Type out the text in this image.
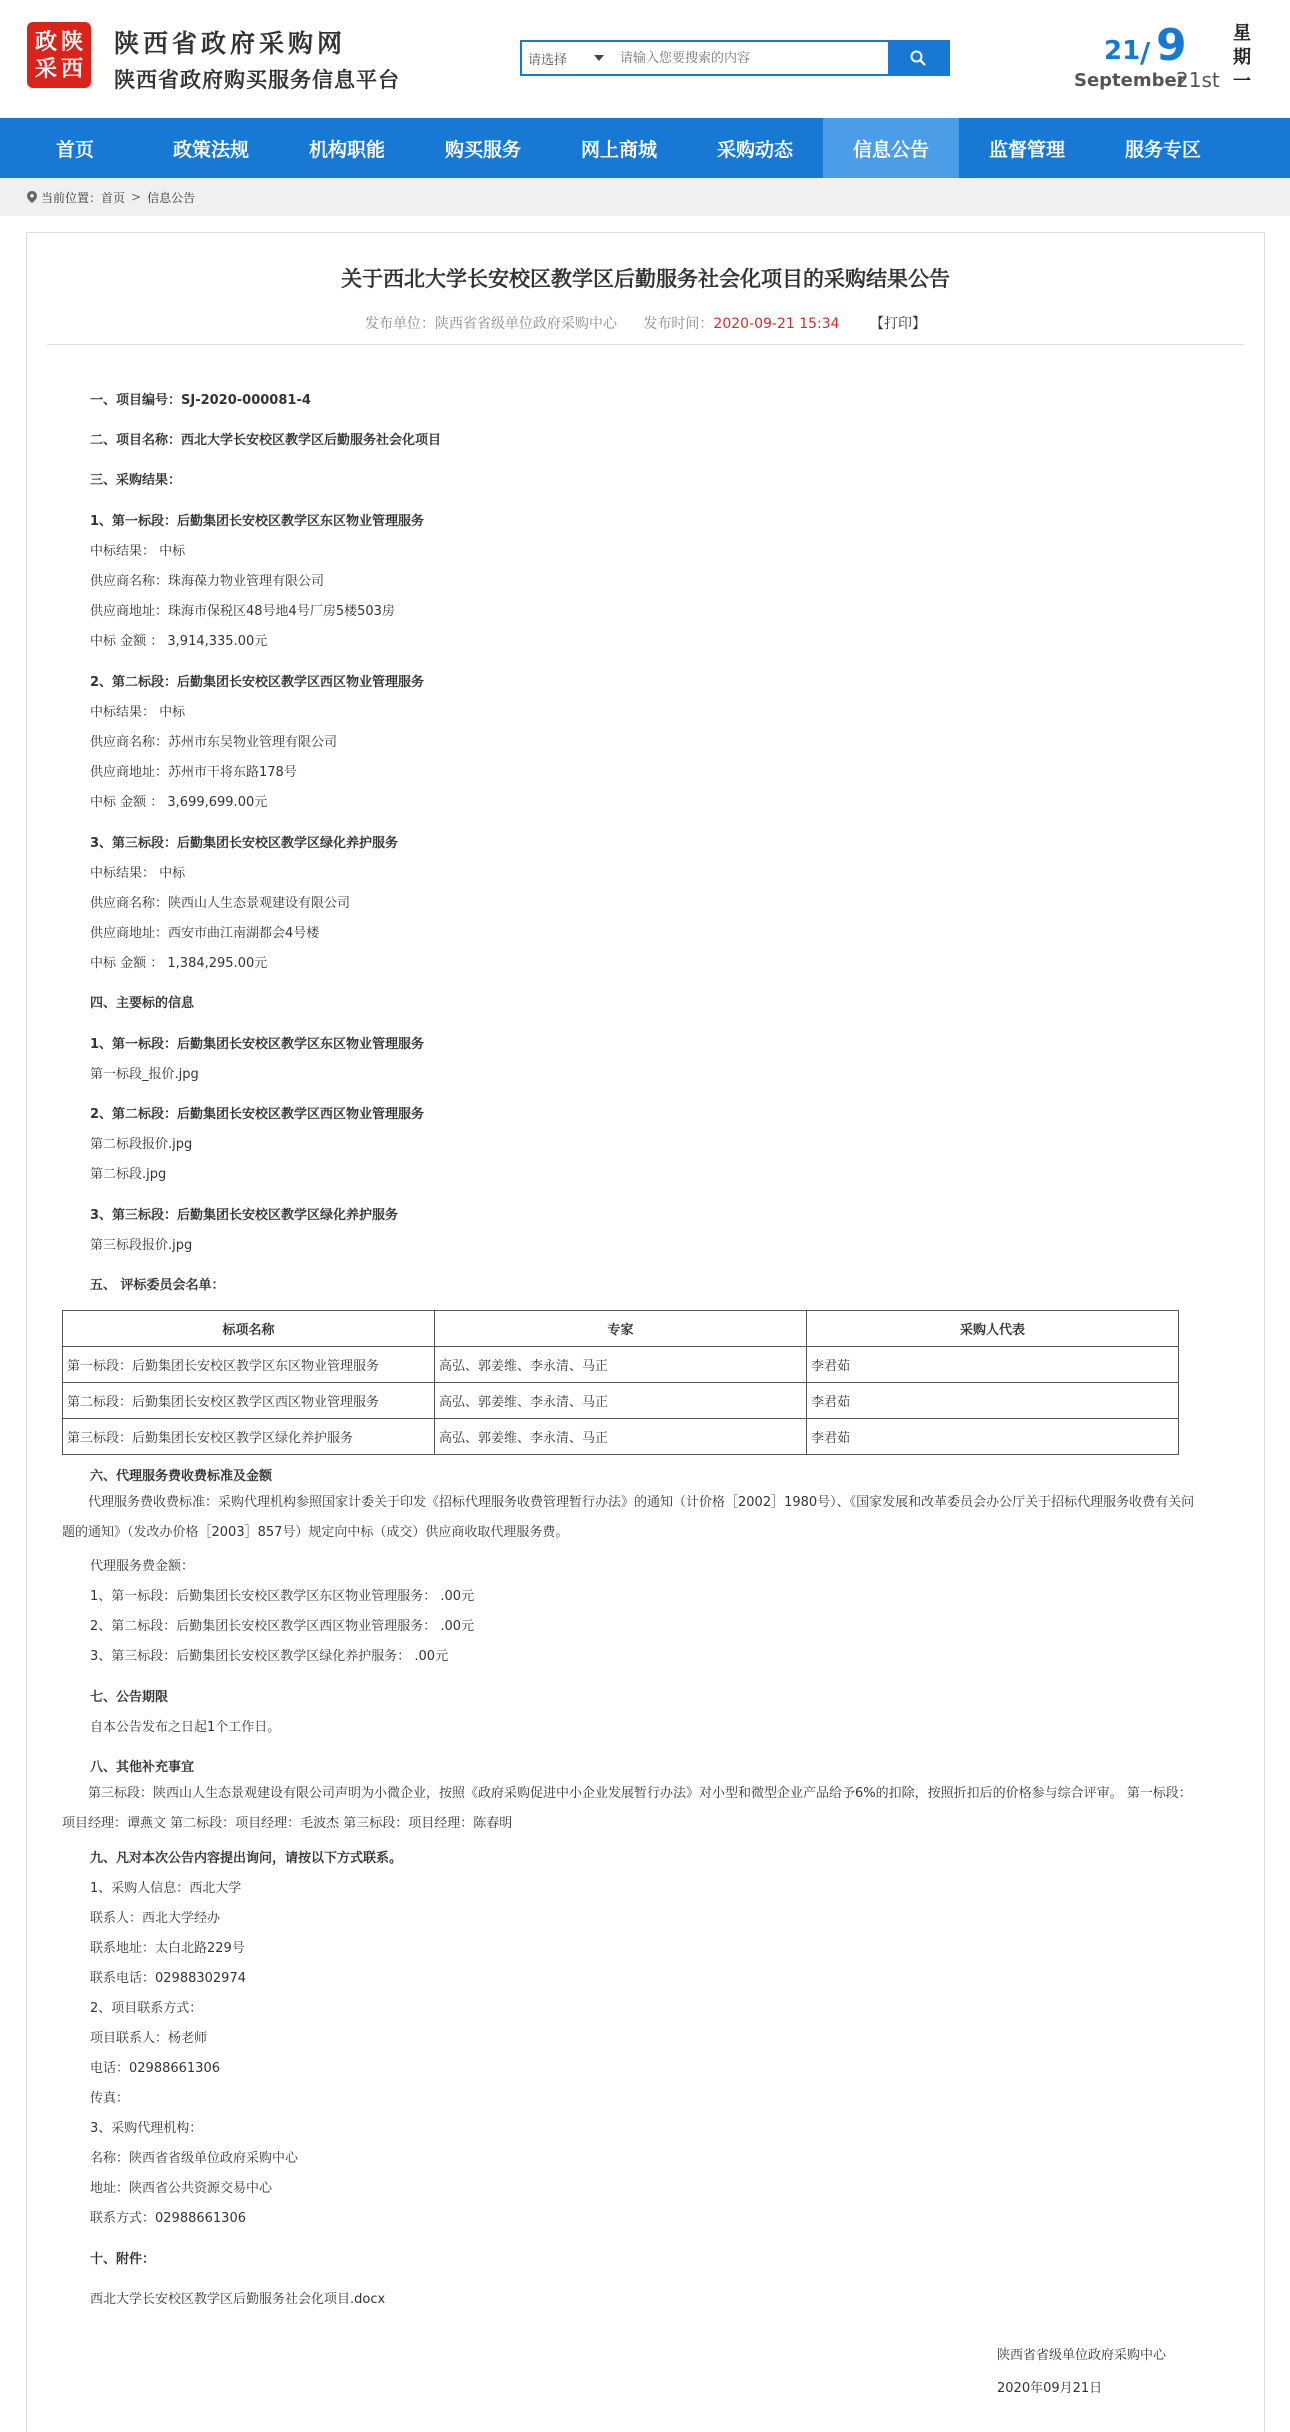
政 陕
采 西
陕西省政府采购网
陕西省政府购买服务信息平台
请选择
请输入您要搜索的内容	21 / 9
September
21st
星期一
首页	政策法规	机构职能	购买服务	网上商城	采购动态	信息公告	监督管理	服务专区
当前位置： 首页 > 信息公告
关于西北大学长安校区教学区后勤服务社会化项目的采购结果公告
发布单位：陕西省省级单位政府采购中心 发布时间：2020-09-21 15:34 【打印】
一、项目编号：SJ-2020-000081-4
二、项目名称：西北大学长安校区教学区后勤服务社会化项目
三、采购结果：
1、第一标段：后勤集团长安校区教学区东区物业管理服务
中标结果： 中标
供应商名称：珠海葆力物业管理有限公司
供应商地址：珠海市保税区48号地4号厂房5楼503房
中标 金额 ： 3,914,335.00元
2、第二标段：后勤集团长安校区教学区西区物业管理服务
中标结果： 中标
供应商名称：苏州市东吴物业管理有限公司
供应商地址：苏州市干将东路178号
中标 金额 ： 3,699,699.00元
3、第三标段：后勤集团长安校区教学区绿化养护服务
中标结果： 中标
供应商名称：陕西山人生态景观建设有限公司
供应商地址：西安市曲江南湖都会4号楼
中标 金额 ： 1,384,295.00元
四、主要标的信息
1、第一标段：后勤集团长安校区教学区东区物业管理服务
第一标段_报价.jpg
2、第二标段：后勤集团长安校区教学区西区物业管理服务
第二标段报价.jpg
第二标段.jpg
3、第三标段：后勤集团长安校区教学区绿化养护服务
第三标段报价.jpg
五、 评标委员会名单：
标项名称	专家	采购人代表
第一标段：后勤集团长安校区教学区东区物业管理服务	高弘、郭姜维、李永清、马正	李君茹
第二标段：后勤集团长安校区教学区西区物业管理服务	高弘、郭姜维、李永清、马正	李君茹
第三标段：后勤集团长安校区教学区绿化养护服务	高弘、郭姜维、李永清、马正	李君茹
六、代理服务费收费标准及金额
代理服务费收费标准：采购代理机构参照国家计委关于印发《招标代理服务收费管理暂行办法》的通知（计价格［2002］1980号）、《国家发展和改革委员会办公厅关于招标代理服务收费有关问题的通知》（发改办价格［2003］857号）规定向中标（成交）供应商收取代理服务费。
代理服务费金额：
1、第一标段：后勤集团长安校区教学区东区物业管理服务： .00元
2、第二标段：后勤集团长安校区教学区西区物业管理服务： .00元
3、第三标段：后勤集团长安校区教学区绿化养护服务： .00元
七、公告期限
自本公告发布之日起1个工作日。
八、其他补充事宜
第三标段：陕西山人生态景观建设有限公司声明为小微企业，按照《政府采购促进中小企业发展暂行办法》对小型和微型企业产品给予6%的扣除，按照折扣后的价格参与综合评审。 第一标段：项目经理：谭燕文 第二标段：项目经理：毛波杰 第三标段：项目经理：陈春明
九、凡对本次公告内容提出询问，请按以下方式联系。
1、采购人信息：西北大学
联系人：西北大学经办
联系地址：太白北路229号
联系电话：02988302974
2、项目联系方式：
项目联系人：杨老师
电话：02988661306
传真：
3、采购代理机构：
名称：陕西省省级单位政府采购中心
地址：陕西省公共资源交易中心
联系方式：02988661306
十、附件：
西北大学长安校区教学区后勤服务社会化项目.docx
陕西省省级单位政府采购中心
2020年09月21日
